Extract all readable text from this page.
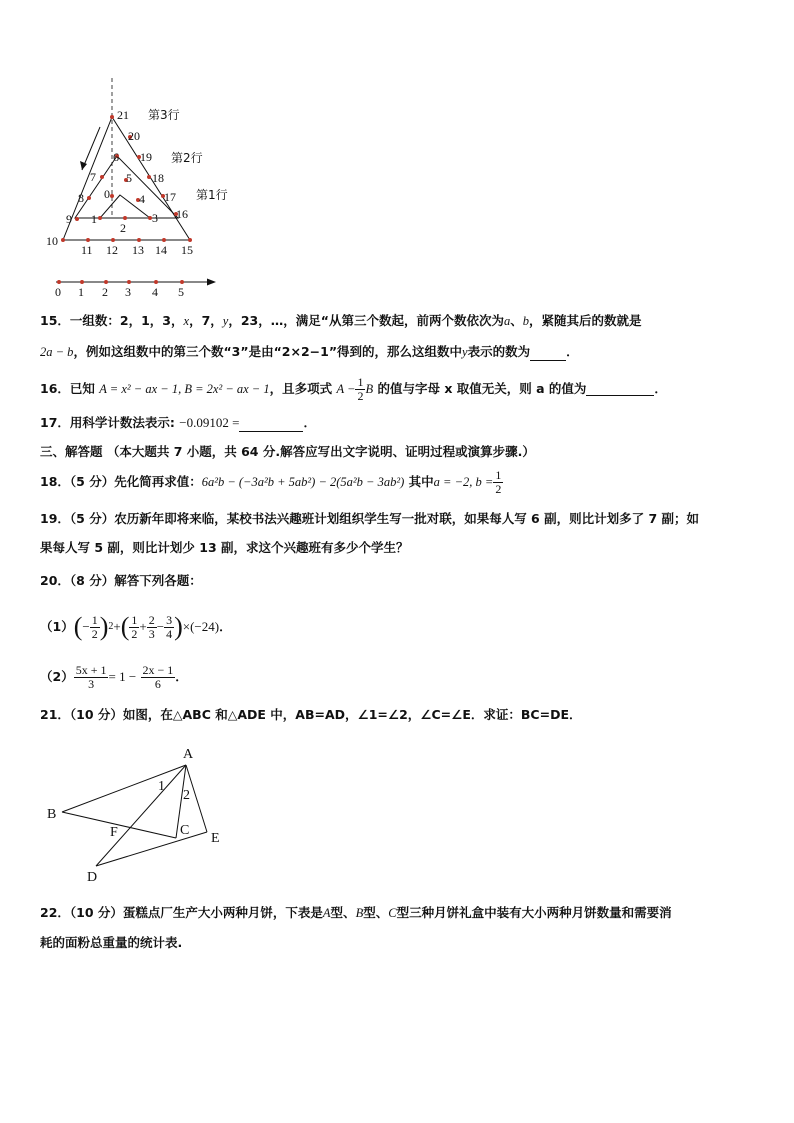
21
20
19
18
17
16
6
5
4
3
2
1
0
7
8
9
10
11 12 13 14 15
第3行
第2行
第1行
0 1 2 3 4 5
15．一组数：2，1，3，x，7，y，23，…，满足“从第三个数起，前两个数依次为a、b，紧随其后的数就是
2a − b，例如这组数中的第三个数“3”是由“2×2−1”得到的，那么这组数中y表示的数为	．
16．已知
A = x² − ax − 1, B = 2x² − ax − 1 ，且多项式
$A - \frac{1}{2}$ B
的值与字母 x 取值无关，则 a 的值为	．
17．用科学计数法表示: −0.09102 =	．
三、解答题 （本大题共 7 小题，共 64 分.解答应写出文字说明、证明过程或演算步骤.）
18．（5 分）先化简再求值： 6a²b − (−3a²b + 5ab²) − 2(5a²b − 3ab²)
其中 a = −2, $b = \frac{1}{2}$
19．（5 分）农历新年即将来临，某校书法兴趣班计划组织学生写一批对联，如果每人写 6 副，则比计划多了 7 副；如
果每人写 5 副，则比计划少 13 副，求这个兴趣班有多少个学生？
20．（8 分）解答下列各题：
（1） ( − $\frac{1}{2}$ ) 2 + ( $\frac{1}{2} + \frac{2}{3} - \frac{3}{4}$ ) ×(−24) ．
$(2) \frac{5x + 1}{3} = 1$ −
$\frac{2x - 1}{6}$ ．
21．（10 分）如图，在△ABC 和△ADE 中，AB=AD，∠1=∠2，∠C=∠E．求证：BC=DE．
A
B
C
D
E
F
1
2
22．（10 分）蛋糕点厂生产大小两种月饼，下表是A型、B型、C型三种月饼礼盒中装有大小两种月饼数量和需要消
耗的面粉总重量的统计表.
